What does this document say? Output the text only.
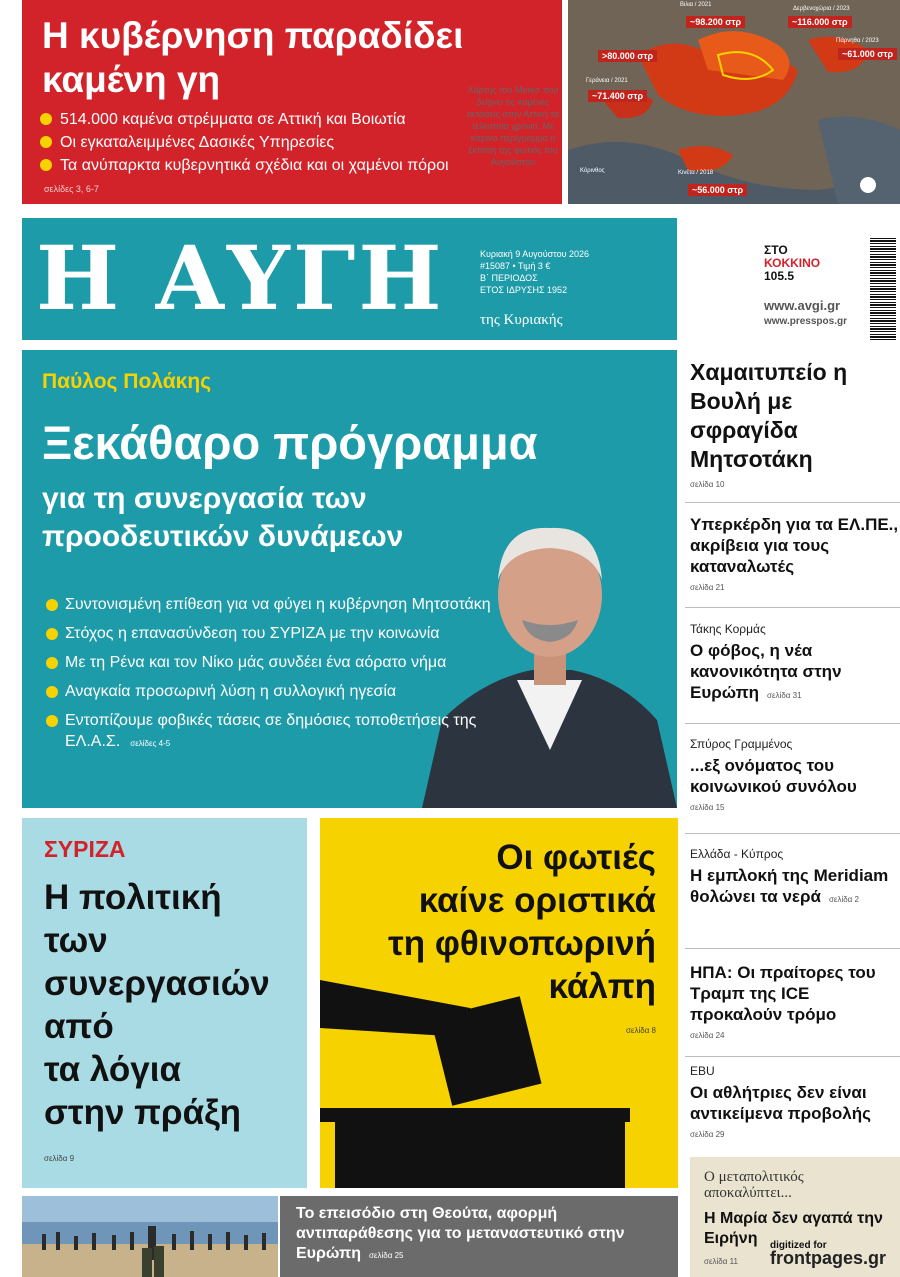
Η κυβέρνηση παραδίδει καμένη γη
514.000 καμένα στρέμματα σε Αττική και Βοιωτία
Οι εγκαταλειμμένες Δασικές Υπηρεσίες
Τα ανύπαρκτα κυβερνητικά σχέδια και οι χαμένοι πόροι
σελίδες 3, 6-7
Χάρτης του Meteo που δείχνει τις καμένες εκτάσεις στην Αττική τα τελευταία χρόνια. Με κίτρινο περίγραμμα η έκταση της φωτιάς του Αυγούστου
Βιλια / 2021
Δερβενοχώρια / 2023
Πάρνηθα / 2023
Γεράνεια / 2021
Κινέτα / 2018
Κόρινθος
~98.200 στρ	~116.000 στρ
>80.000 στρ	~61.000 στρ
~71.400 στρ
~56.000 στρ
Η ΑΥΓΗ	Κυριακή 9 Αυγούστου 2026
#15087 • Τιμή 3 €
Β΄ ΠΕΡΙΟΔΟΣ
ΕΤΟΣ ΙΔΡΥΣΗΣ 1952
της Κυριακής
ΣΤΟ
ΚΟΚΚΙΝΟ
105.5
www.avgi.gr
www.presspos.gr
Παύλος Πολάκης
Ξεκάθαρο πρόγραμμα
για τη συνεργασία των
προοδευτικών δυνάμεων
Συντονισμένη επίθεση για να φύγει η κυβέρνηση Μητσοτάκη
Στόχος η επανασύνδεση του ΣΥΡΙΖΑ με την κοινωνία
Με τη Ρένα και τον Νίκο μάς συνδέει ένα αόρατο νήμα
Αναγκαία προσωρινή λύση η συλλογική ηγεσία
Εντοπίζουμε φοβικές τάσεις σε δημόσιες τοποθετήσεις της ΕΛ.Α.Σ. σελίδες 4-5
Χαμαιτυπείο η Βουλή με σφραγίδα Μητσοτάκη
σελίδα 10
Υπερκέρδη για τα ΕΛ.ΠΕ., ακρίβεια για τους καταναλωτές
σελίδα 21
Τάκης Κορμάς
Ο φόβος, η νέα κανονικότητα στην Ευρώπη σελίδα 31
Σπύρος Γραμμένος
...εξ ονόματος του κοινωνικού συνόλου
σελίδα 15
Ελλάδα - Κύπρος
Η εμπλοκή της Meridiam θολώνει τα νερά σελίδα 2
ΗΠΑ: Οι πραίτορες του Τραμπ της ICE προκαλούν τρόμο
σελίδα 24
EBU
Οι αθλήτριες δεν είναι αντικείμενα προβολής
σελίδα 29
ΣΥΡΙΖΑ
Η πολιτική
των
συνεργασιών
από
τα λόγια
στην πράξη
σελίδα 9
Οι φωτιές
καίνε οριστικά
τη φθινοπωρινή
κάλπη
σελίδα 8
Το επεισόδιο στη Θεούτα, αφορμή αντιπαράθεσης για το μεταναστευτικό στην Ευρώπη σελίδα 25
Ο μεταπολιτικός αποκαλύπτει...
Η Μαρία δεν αγαπά την Ειρήνη
σελίδα 11
digitized for
frontpages.gr
